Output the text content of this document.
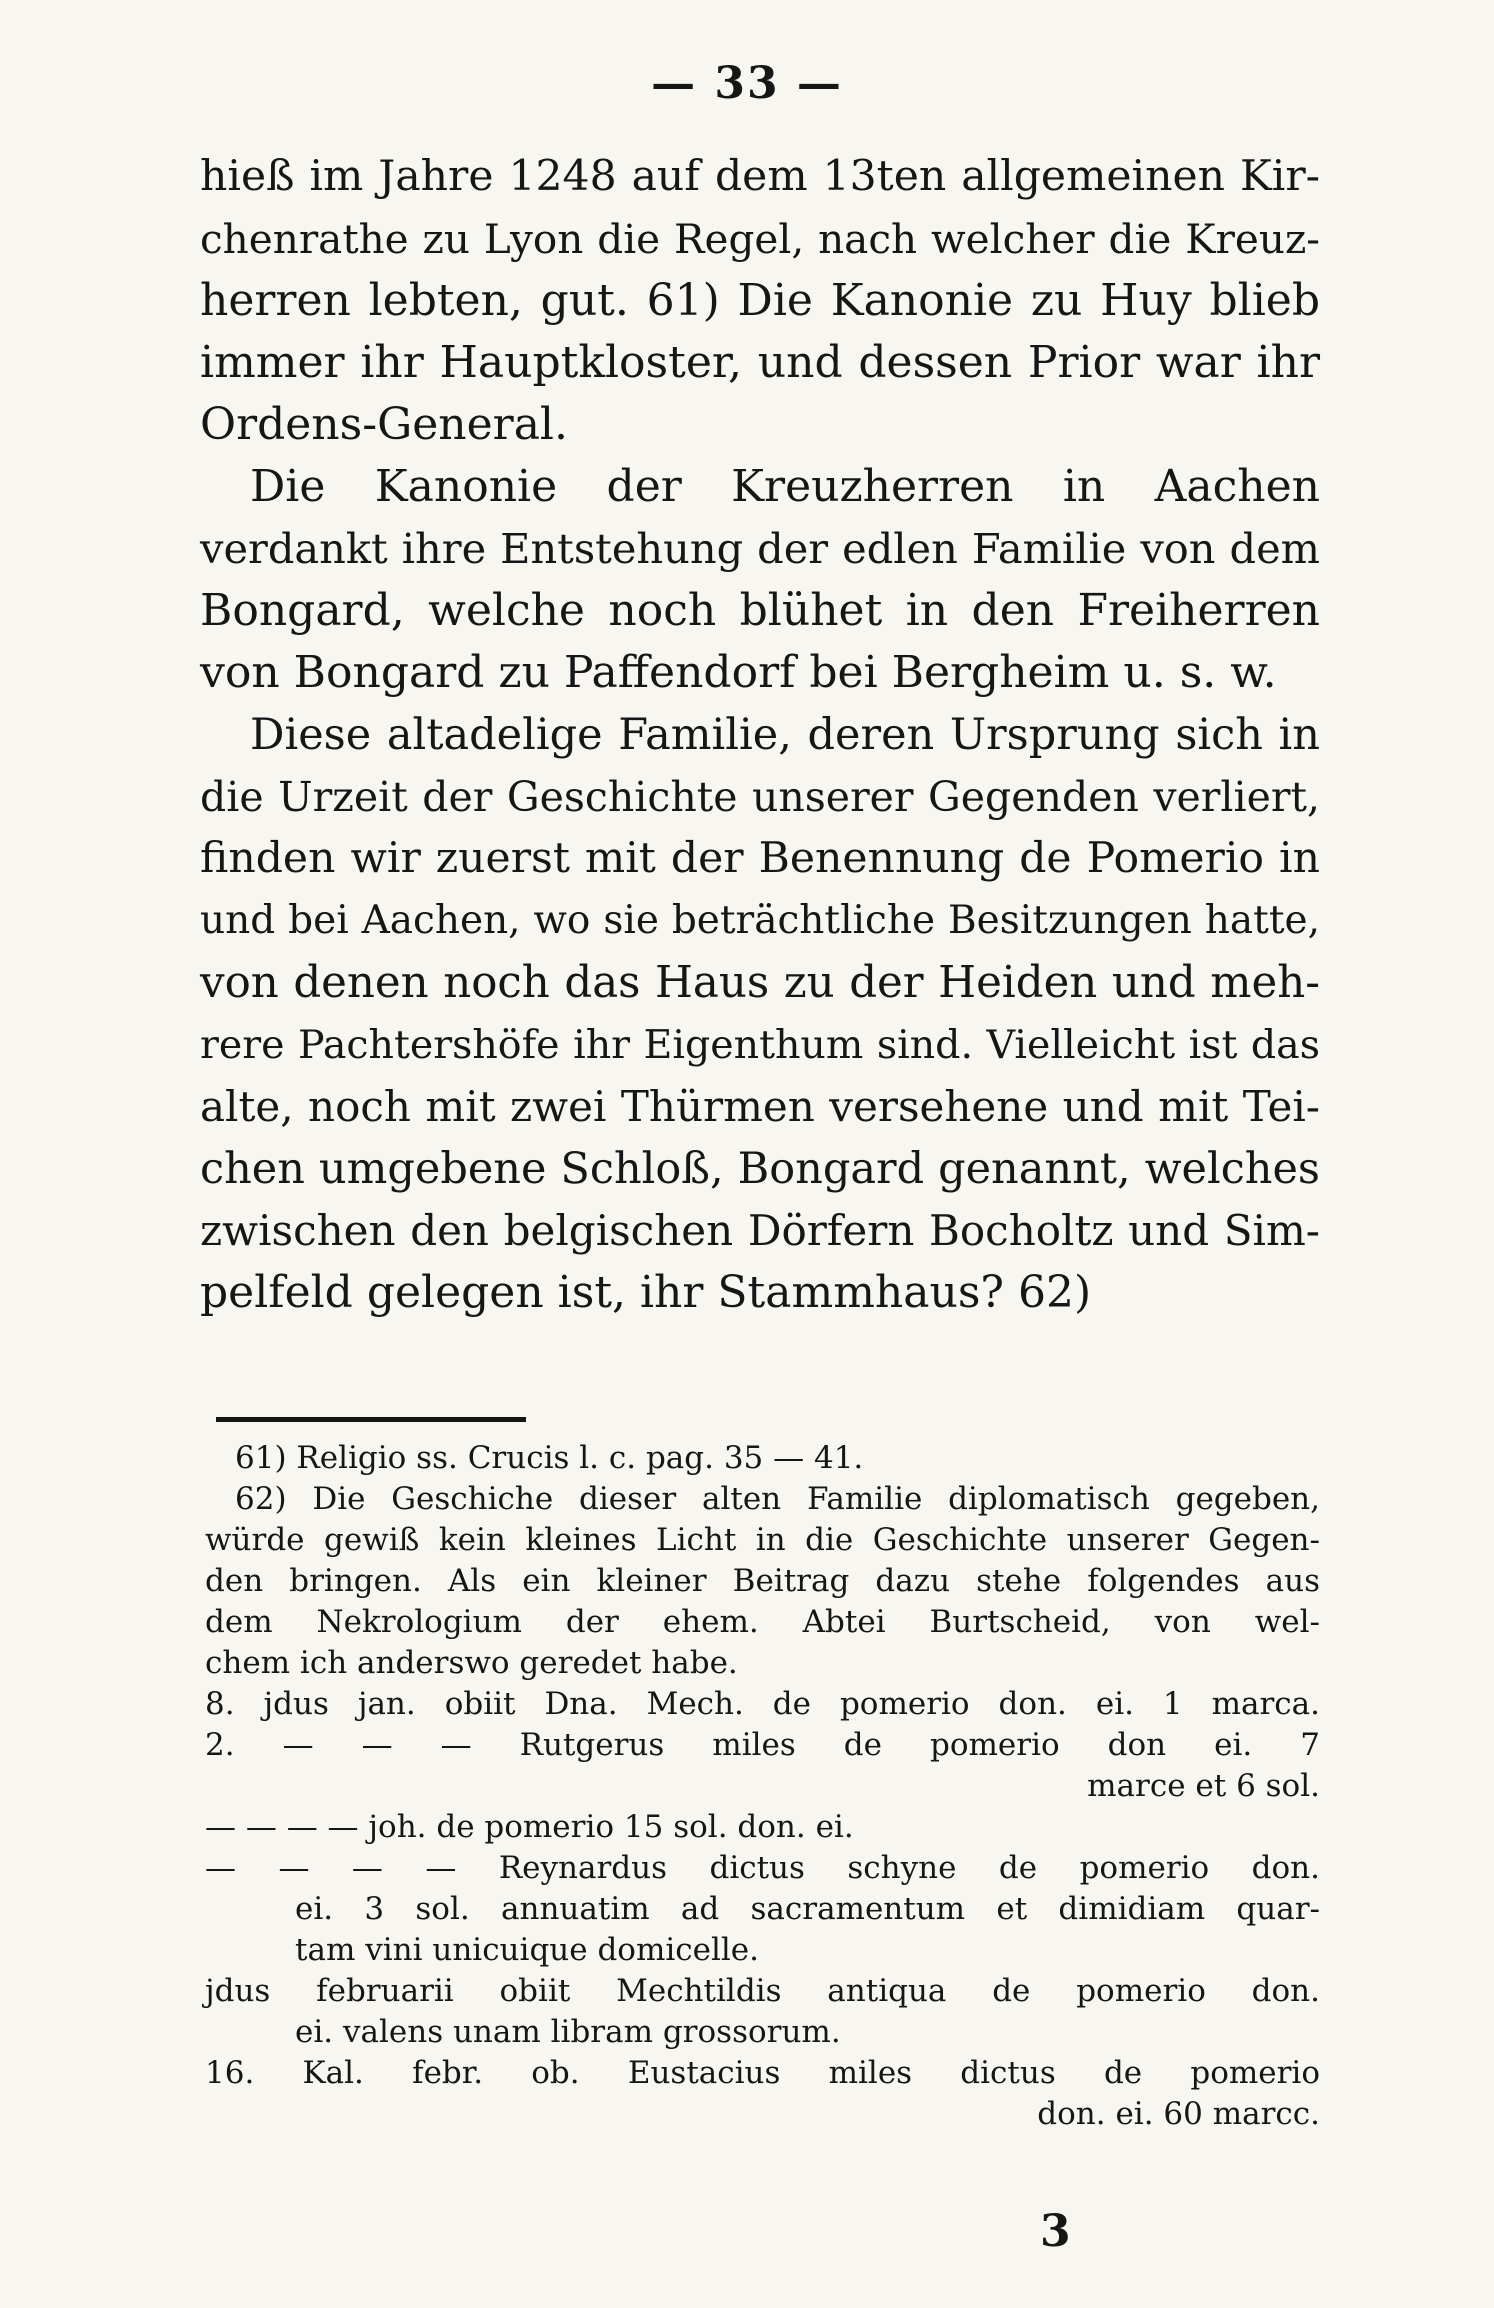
— 33 —
hieß im Jahre 1248 auf dem 13ten allgemeinen Kir-
chenrathe zu Lyon die Regel, nach welcher die Kreuz-
herren lebten, gut. 61) Die Kanonie zu Huy blieb
immer ihr Hauptkloster, und dessen Prior war ihr
Ordens-General.
Die Kanonie der Kreuzherren in Aachen
verdankt ihre Entstehung der edlen Familie von dem
Bongard, welche noch blühet in den Freiherren
von Bongard zu Paffendorf bei Bergheim u. s. w.
Diese altadelige Familie, deren Ursprung sich in
die Urzeit der Geschichte unserer Gegenden verliert,
finden wir zuerst mit der Benennung de Pomerio in
und bei Aachen, wo sie beträchtliche Besitzungen hatte,
von denen noch das Haus zu der Heiden und meh-
rere Pachtershöfe ihr Eigenthum sind. Vielleicht ist das
alte, noch mit zwei Thürmen versehene und mit Tei-
chen umgebene Schloß, Bongard genannt, welches
zwischen den belgischen Dörfern Bocholtz und Sim-
pelfeld gelegen ist, ihr Stammhaus? 62)
61) Religio ss. Crucis l. c. pag. 35 — 41.
62) Die Geschiche dieser alten Familie diplomatisch gegeben,
würde gewiß kein kleines Licht in die Geschichte unserer Gegen-
den bringen. Als ein kleiner Beitrag dazu stehe folgendes aus
dem Nekrologium der ehem. Abtei Burtscheid, von wel-
chem ich anderswo geredet habe.
8. jdus jan. obiit Dna. Mech. de pomerio don. ei. 1 marca.
2. — — — Rutgerus miles de pomerio don ei. 7
marce et 6 sol.
— — — — joh. de pomerio 15 sol. don. ei.
— — — — Reynardus dictus schyne de pomerio don.
ei. 3 sol. annuatim ad sacramentum et dimidiam quar-
tam vini unicuique domicelle.
jdus februarii obiit Mechtildis antiqua de pomerio don.
ei. valens unam libram grossorum.
16. Kal. febr. ob. Eustacius miles dictus de pomerio
don. ei. 60 marcc.
3
